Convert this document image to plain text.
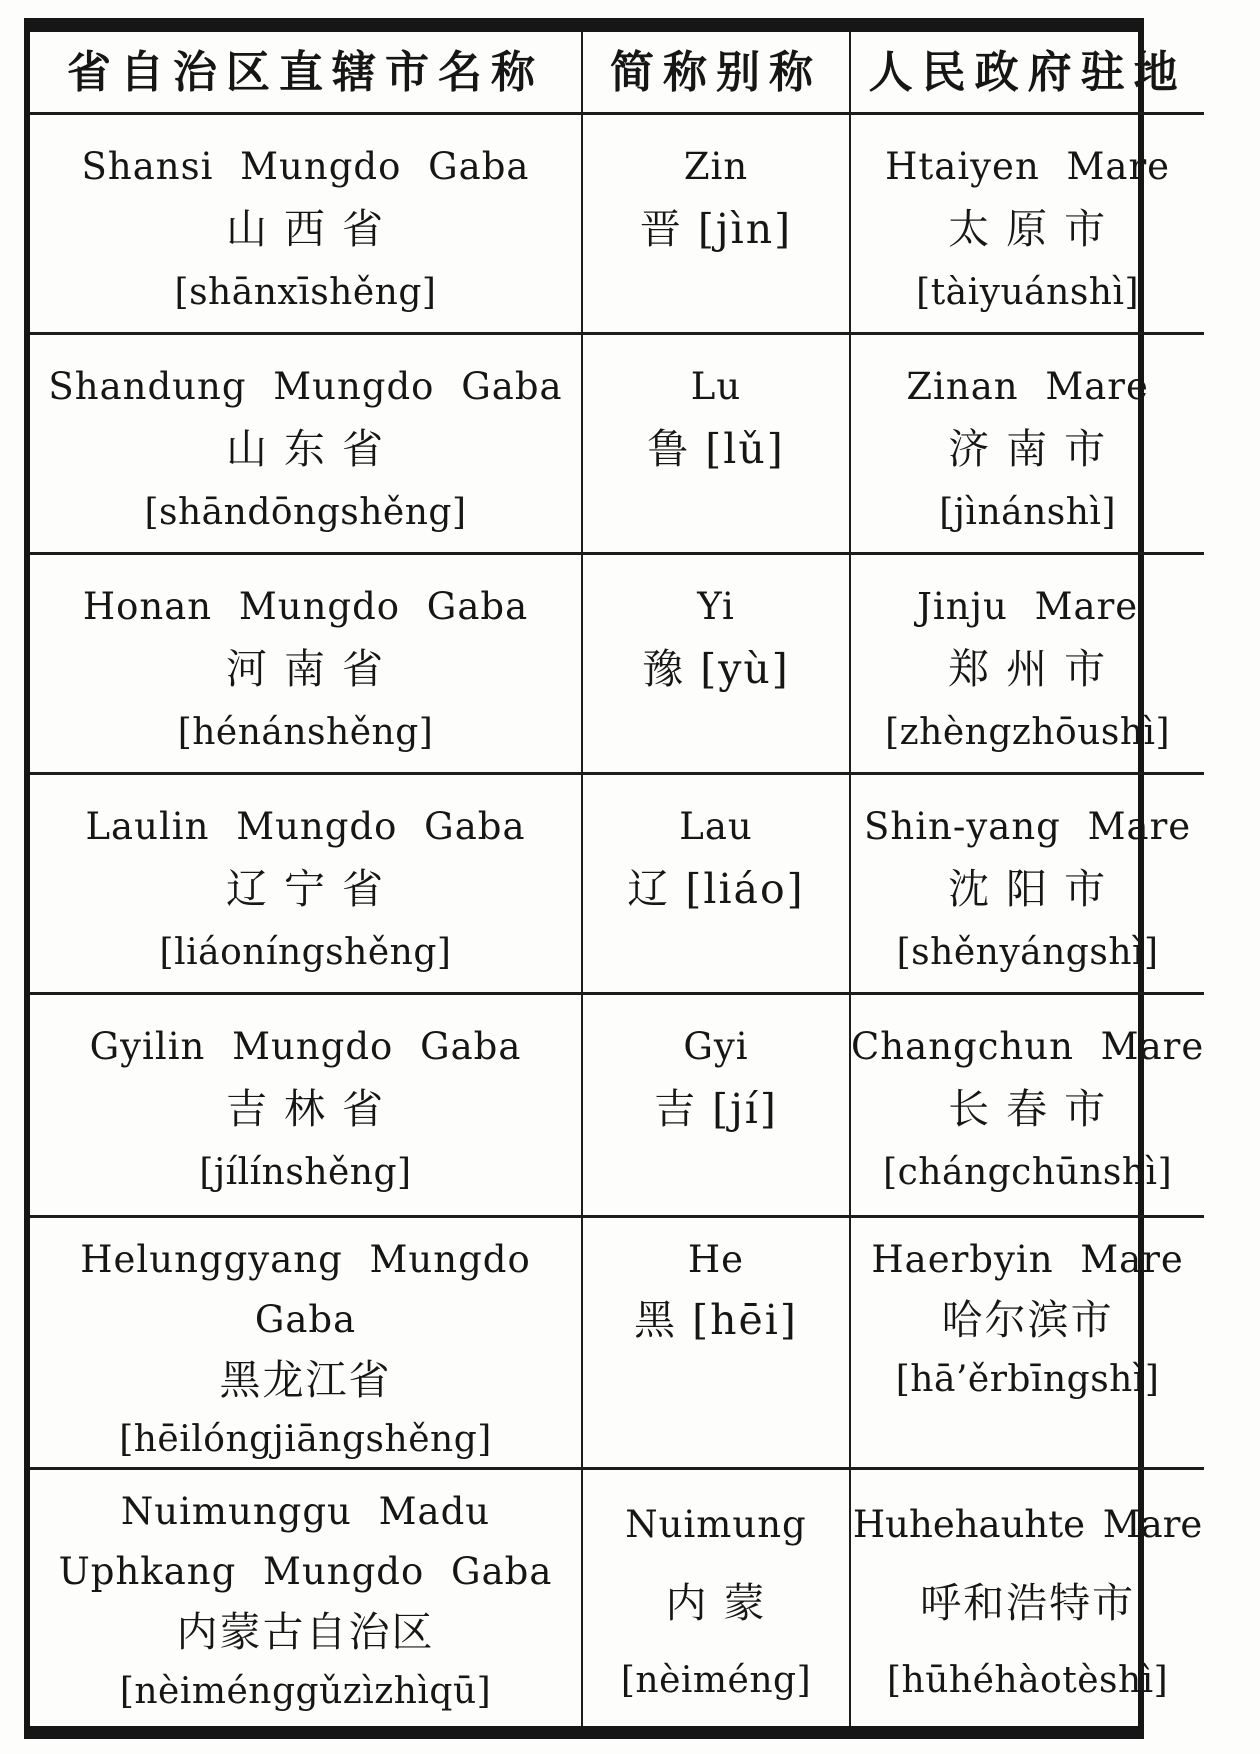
省自治区直辖市名称	简称别称	人民政府驻地
Shansi Mungdo Gaba
山 西 省
[shānxīshěng]
Zin
晋 [jìn]
Htaiyen Mare
太 原 市
[tàiyuánshì]
Shandung Mungdo Gaba
山 东 省
[shāndōngshěng]
Lu
鲁 [lǔ]
Zinan Mare
济 南 市
[jìnánshì]
Honan Mungdo Gaba
河 南 省
[hénánshěng]
Yi
豫 [yù]
Jinju Mare
郑 州 市
[zhèngzhōushì]
Laulin Mungdo Gaba
辽 宁 省
[liáoníngshěng]
Lau
辽 [liáo]
Shin-yang Mare
沈 阳 市
[shěnyángshì]
Gyilin Mungdo Gaba
吉 林 省
[jílínshěng]
Gyi
吉 [jí]
Changchun Mare
长 春 市
[chángchūnshì]
Helunggyang Mungdo
Gaba
黑龙江省
[hēilóngjiāngshěng]
He
黑 [hēi]
Haerbyin Mare
哈尔滨市
[hā’ěrbīngshì]
Nuimunggu Madu
Uphkang Mungdo Gaba
内蒙古自治区
[nèiménggǔzìzhìqū]
Nuimung
内 蒙
[nèiméng]
Huhehauhte Mare
呼和浩特市
[hūhéhàotèshì]
